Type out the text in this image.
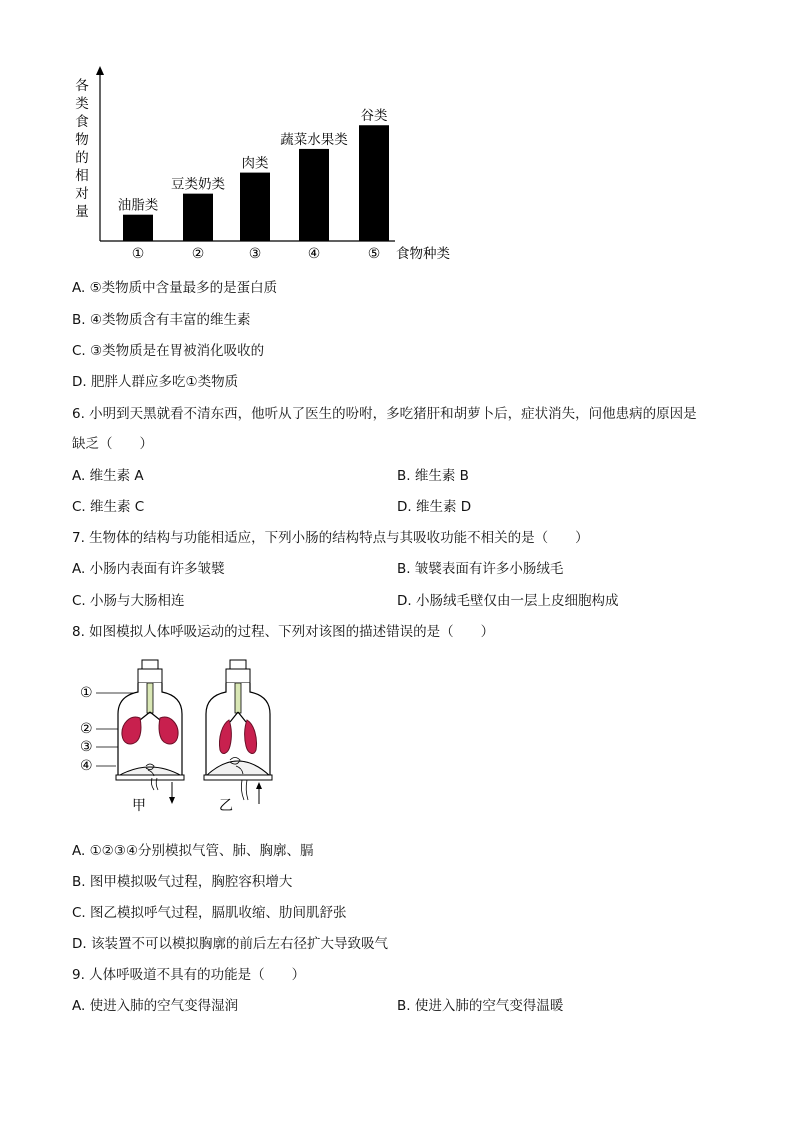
各
类
食
物
的
相
对
量 油脂类
①
豆类奶类
②
肉类
③
蔬菜水果类
④
谷类
⑤ 食物种类
A. ⑤类物质中含量最多的是蛋白质
B. ④类物质含有丰富的维生素
C. ③类物质是在胃被消化吸收的
D. 肥胖人群应多吃①类物质
6. 小明到天黑就看不清东西，他听从了医生的吩咐，多吃猪肝和胡萝卜后，症状消失，问他患病的原因是
缺乏（　　）
A. 维生素 A	B. 维生素 B
C. 维生素 C	D. 维生素 D
7. 生物体的结构与功能相适应，下列小肠的结构特点与其吸收功能不相关的是（　　）
A. 小肠内表面有许多皱襞	B. 皱襞表面有许多小肠绒毛
C. 小肠与大肠相连	D. 小肠绒毛壁仅由一层上皮细胞构成
8. 如图模拟人体呼吸运动的过程、下列对该图的描述错误的是（　　）
①
②
③
④
甲	乙
A. ①②③④分别模拟气管、肺、胸廓、膈
B. 图甲模拟吸气过程，胸腔容积增大
C. 图乙模拟呼气过程，膈肌收缩、肋间肌舒张
D. 该装置不可以模拟胸廓的前后左右径扩大导致吸气
9. 人体呼吸道不具有的功能是（　　）
A. 使进入肺的空气变得湿润	B. 使进入肺的空气变得温暖
